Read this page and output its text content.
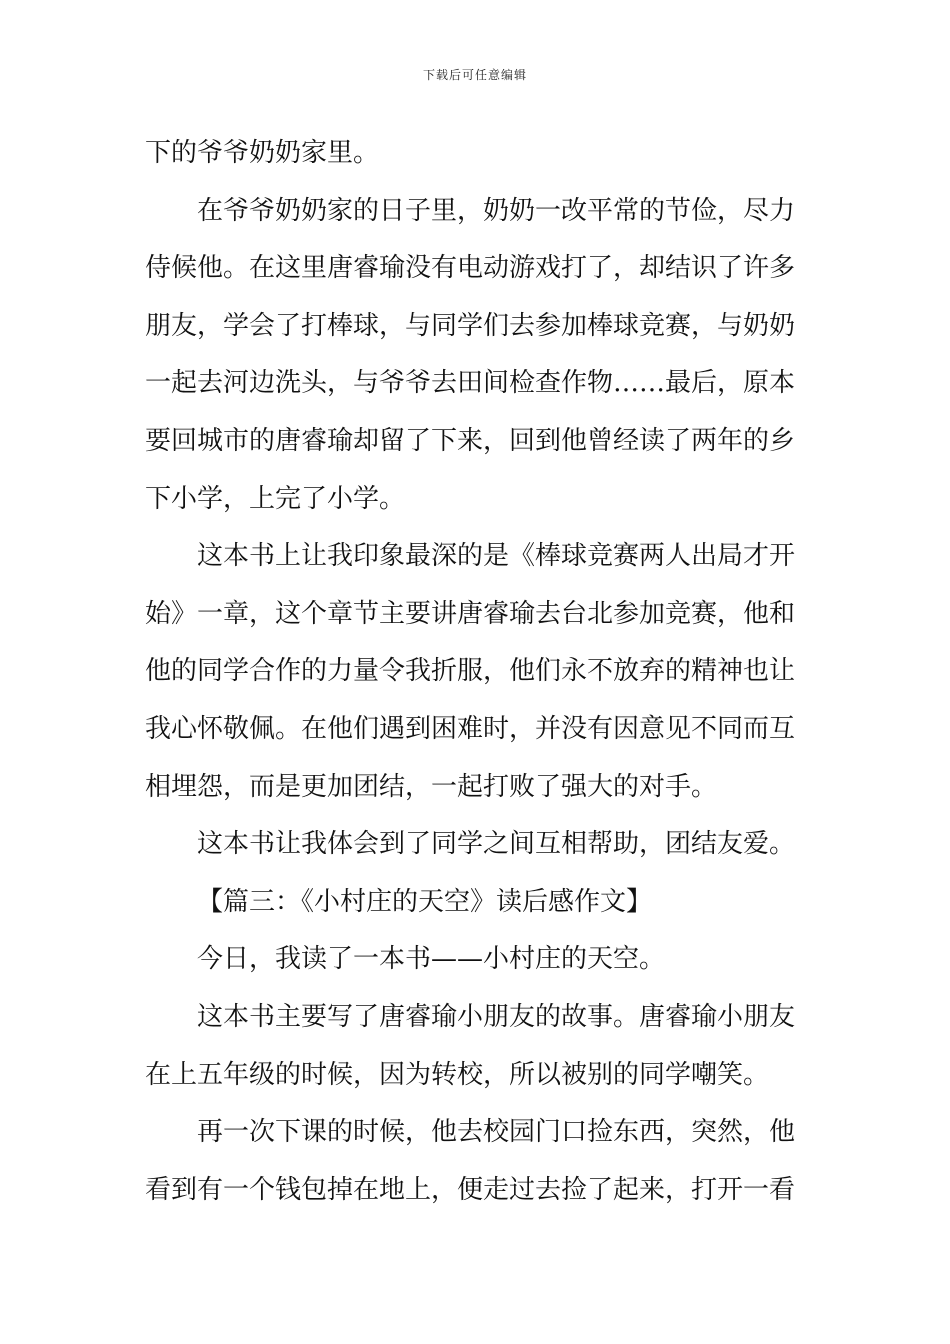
下载后可任意编辑
下的爷爷奶奶家里。
在爷爷奶奶家的日子里，奶奶一改平常的节俭，尽力
侍候他。在这里唐睿瑜没有电动游戏打了，却结识了许多
朋友，学会了打棒球，与同学们去参加棒球竞赛，与奶奶
一起去河边洗头，与爷爷去田间检查作物……最后，原本
要回城市的唐睿瑜却留了下来，回到他曾经读了两年的乡
下小学，上完了小学。
这本书上让我印象最深的是《棒球竞赛两人出局才开
始》一章，这个章节主要讲唐睿瑜去台北参加竞赛，他和
他的同学合作的力量令我折服，他们永不放弃的精神也让
我心怀敬佩。在他们遇到困难时，并没有因意见不同而互
相埋怨，而是更加团结，一起打败了强大的对手。
这本书让我体会到了同学之间互相帮助，团结友爱。
【篇三：《小村庄的天空》读后感作文】
今日，我读了一本书——小村庄的天空。
这本书主要写了唐睿瑜小朋友的故事。唐睿瑜小朋友
在上五年级的时候，因为转校，所以被别的同学嘲笑。
再一次下课的时候，他去校园门口捡东西，突然，他
看到有一个钱包掉在地上，便走过去捡了起来，打开一看
